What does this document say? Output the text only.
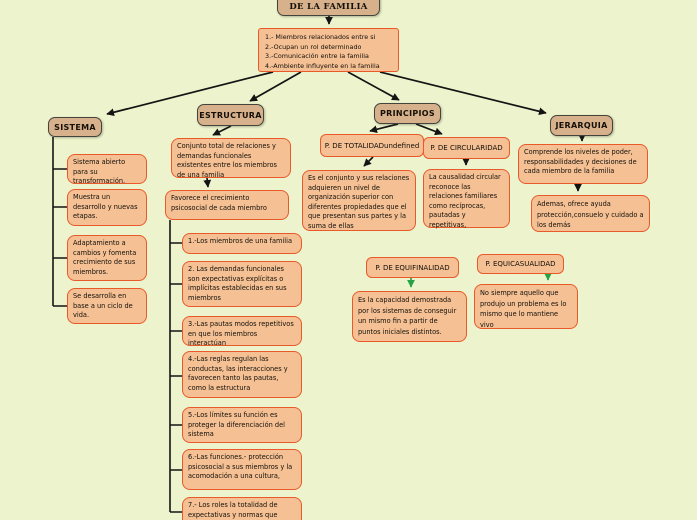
DE LA FAMILIA
1.- Miembros relacionados entre si
2.-Ocupan un rol determinado
3.-Comunicación entre la familia
4.-Ambiente influyente en la familia
SISTEMA
Sistema abierto para su transformación.
Muestra un desarrollo y nuevas etapas.
Adaptamiento a cambios y fomenta crecimiento de sus miembros.
Se desarrolla en base a un ciclo de vida.
ESTRUCTURA
Conjunto total de relaciones y demandas funcionales existentes entre los miembros de una familia
Favorece el crecimiento psicosocial de cada miembro
1.-Los miembros de una familia
2. Las demandas funcionales son expectativas explícitas o implícitas establecidas en sus miembros
3.-Las pautas modos repetitivos en que los miembros interactúan
4.-Las reglas regulan las conductas, las interacciones y favorecen tanto las pautas, como la estructura
5.-Los límites su función es proteger la diferenciación del sistema
6.-Las funciones.- protección psicosocial a sus miembros y la acomodación a una cultura,
7.- Los roles la totalidad de expectativas y normas que
PRINCIPIOS
P. DE TOTALIDADundefined	P. DE CIRCULARIDAD
Es el conjunto y sus relaciones adquieren un nivel de organización superior con diferentes propiedades que el que presentan sus partes y la suma de ellas
La causalidad circular reconoce las relaciones familiares como recíprocas, pautadas y repetitivas,
P. DE EQUIFINALIDAD	P. EQUICASUALIDAD
Es la capacidad demostrada por los sistemas de conseguir un mismo fin a partir de puntos iniciales distintos.
No siempre aquello que produjo un problema es lo mismo que lo mantiene vivo
JERARQUIA
Comprende los niveles de poder, responsabilidades y decisiones de cada miembro de la familia
Ademas, ofrece ayuda protección,consuelo y cuidado a los demás
